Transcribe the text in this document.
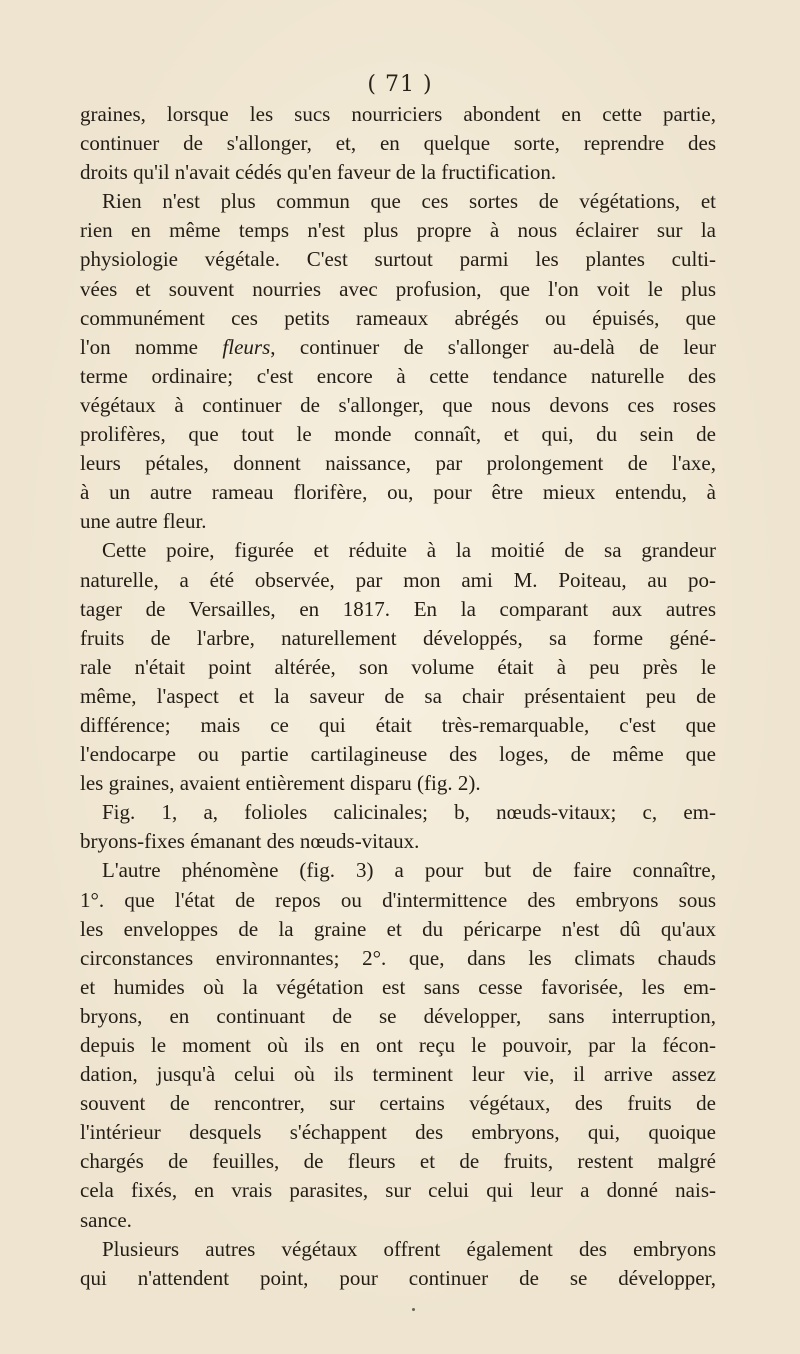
( 71 )
graines, lorsque les sucs nourriciers abondent en cette partie,
continuer de s'allonger, et, en quelque sorte, reprendre des
droits qu'il n'avait cédés qu'en faveur de la fructification.
Rien n'est plus commun que ces sortes de végétations, et
rien en même temps n'est plus propre à nous éclairer sur la
physiologie végétale. C'est surtout parmi les plantes culti-
vées et souvent nourries avec profusion, que l'on voit le plus
communément ces petits rameaux abrégés ou épuisés, que
l'on nomme fleurs, continuer de s'allonger au-delà de leur
terme ordinaire; c'est encore à cette tendance naturelle des
végétaux à continuer de s'allonger, que nous devons ces roses
prolifères, que tout le monde connaît, et qui, du sein de
leurs pétales, donnent naissance, par prolongement de l'axe,
à un autre rameau florifère, ou, pour être mieux entendu, à
une autre fleur.
Cette poire, figurée et réduite à la moitié de sa grandeur
naturelle, a été observée, par mon ami M. Poiteau, au po-
tager de Versailles, en 1817. En la comparant aux autres
fruits de l'arbre, naturellement développés, sa forme géné-
rale n'était point altérée, son volume était à peu près le
même, l'aspect et la saveur de sa chair présentaient peu de
différence; mais ce qui était très-remarquable, c'est que
l'endocarpe ou partie cartilagineuse des loges, de même que
les graines, avaient entièrement disparu (fig. 2).
Fig. 1, a, folioles calicinales; b, nœuds-vitaux; c, em-
bryons-fixes émanant des nœuds-vitaux.
L'autre phénomène (fig. 3) a pour but de faire connaître,
1°. que l'état de repos ou d'intermittence des embryons sous
les enveloppes de la graine et du péricarpe n'est dû qu'aux
circonstances environnantes; 2°. que, dans les climats chauds
et humides où la végétation est sans cesse favorisée, les em-
bryons, en continuant de se développer, sans interruption,
depuis le moment où ils en ont reçu le pouvoir, par la fécon-
dation, jusqu'à celui où ils terminent leur vie, il arrive assez
souvent de rencontrer, sur certains végétaux, des fruits de
l'intérieur desquels s'échappent des embryons, qui, quoique
chargés de feuilles, de fleurs et de fruits, restent malgré
cela fixés, en vrais parasites, sur celui qui leur a donné nais-
sance.
Plusieurs autres végétaux offrent également des embryons
qui n'attendent point, pour continuer de se développer,
